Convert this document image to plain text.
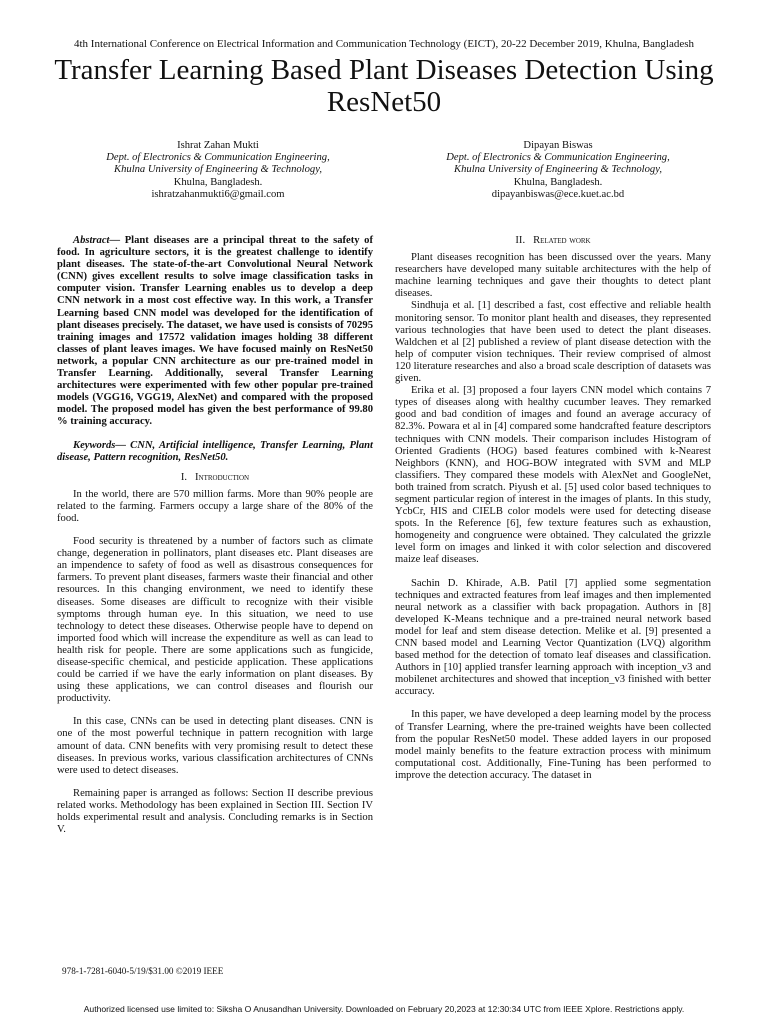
4th International Conference on Electrical Information and Communication Technology (EICT), 20-22 December 2019, Khulna, Bangladesh
Transfer Learning Based Plant Diseases Detection Using ResNet50
Ishrat Zahan Mukti
Dept. of Electronics & Communication Engineering,
Khulna University of Engineering & Technology,
Khulna, Bangladesh.
ishratzahanmukti6@gmail.com
Dipayan Biswas
Dept. of Electronics & Communication Engineering,
Khulna University of Engineering & Technology,
Khulna, Bangladesh.
dipayanbiswas@ece.kuet.ac.bd

Abstract— Plant diseases are a principal threat to the safety of food. In agriculture sectors, it is the greatest challenge to identify plant diseases. The state-of-the-art Convolutional Neural Network (CNN) gives excellent results to solve image classification tasks in computer vision. Transfer Learning enables us to develop a deep CNN network in a most cost effective way. In this work, a Transfer Learning based CNN model was developed for the identification of plant diseases precisely. The dataset, we have used is consists of 70295 training images and 17572 validation images holding 38 different classes of plant leaves images. We have focused mainly on ResNet50 network, a popular CNN architecture as our pre-trained model in Transfer Learning. Additionally, several Transfer Learning architectures were experimented with few other popular pre-trained models (VGG16, VGG19, AlexNet) and compared with the proposed model. The proposed model has given the best performance of 99.80 % training accuracy.

Keywords— CNN, Artificial intelligence, Transfer Learning, Plant disease, Pattern recognition, ResNet50.

I. Introduction

In the world, there are 570 million farms. More than 90% people are related to the farming. Farmers occupy a large share of the 80% of the food.

Food security is threatened by a number of factors such as climate change, degeneration in pollinators, plant diseases etc. Plant diseases are an impendence to safety of food as well as disastrous consequences for farmers. To prevent plant diseases, farmers waste their financial and other resources. In this changing environment, we need to identify these diseases. Some diseases are difficult to recognize with their visible symptoms through human eye. In this situation, we need to use technology to detect these diseases. Otherwise people have to depend on imported food which will increase the expenditure as well as can lead to health risk for people. There are some applications such as fungicide, disease-specific chemical, and pesticide application. These applications could be carried if we have the early information on plant diseases. By using these applications, we can control diseases and flourish our productivity.

In this case, CNNs can be used in detecting plant diseases. CNN is one of the most powerful technique in pattern recognition with large amount of data. CNN benefits with very promising result to detect these diseases. In previous works, various classification architectures of CNNs were used to detect diseases.

Remaining paper is arranged as follows: Section II describe previous related works. Methodology has been explained in Section III. Section IV holds experimental result and analysis. Concluding remarks is in Section V.

II. Related work

Plant diseases recognition has been discussed over the years. Many researchers have developed many suitable architectures with the help of machine learning techniques and gave their thoughts to detect plant diseases.

Sindhuja et al. [1] described a fast, cost effective and reliable health monitoring sensor. To monitor plant health and diseases, they represented various technologies that have been used to detect the plant diseases. Waldchen et al [2] published a review of plant disease detection with the help of computer vision techniques. Their review comprised of almost 120 literature researches and also a broad scale description of datasets was given.

Erika et al. [3] proposed a four layers CNN model which contains 7 types of diseases along with healthy cucumber leaves. They remarked good and bad condition of images and found an average accuracy of 82.3%. Powara et al in [4] compared some handcrafted feature descriptors techniques with CNN models. Their comparison includes Histogram of Oriented Gradients (HOG) based features combined with k-Nearest Neighbors (KNN), and HOG-BOW integrated with SVM and MLP classifiers. They compared these models with AlexNet and GoogleNet, both trained from scratch. Piyush et al. [5] used color based techniques to segment particular region of interest in the images of plants. In this study, YcbCr, HIS and CIELB color models were used for detecting disease spots. In the Reference [6], few texture features such as exhaustion, homogeneity and congruence were obtained. They calculated the grizzle level form on images and linked it with color selection and discovered maize leaf diseases.

Sachin D. Khirade, A.B. Patil [7] applied some segmentation techniques and extracted features from leaf images and then implemented neural network as a classifier with back propagation. Authors in [8] developed K-Means technique and a pre-trained neural network based model for leaf and stem disease detection. Melike et al. [9] presented a CNN based model and Learning Vector Quantization (LVQ) algorithm based method for the detection of tomato leaf diseases and classification. Authors in [10] applied transfer learning approach with inception_v3 and mobilenet architectures and showed that inception_v3 finished with better accuracy.

In this paper, we have developed a deep learning model by the process of Transfer Learning, where the pre-trained weights have been collected from the popular ResNet50 model. These added layers in our proposed model mainly benefits to the feature extraction process with minimum computational cost. Additionally, Fine-Tuning has been performed to improve the detection accuracy. The dataset in

978-1-7281-6040-5/19/$31.00 ©2019 IEEE
Authorized licensed use limited to: Siksha O Anusandhan University. Downloaded on February 20,2023 at 12:30:34 UTC from IEEE Xplore. Restrictions apply.
